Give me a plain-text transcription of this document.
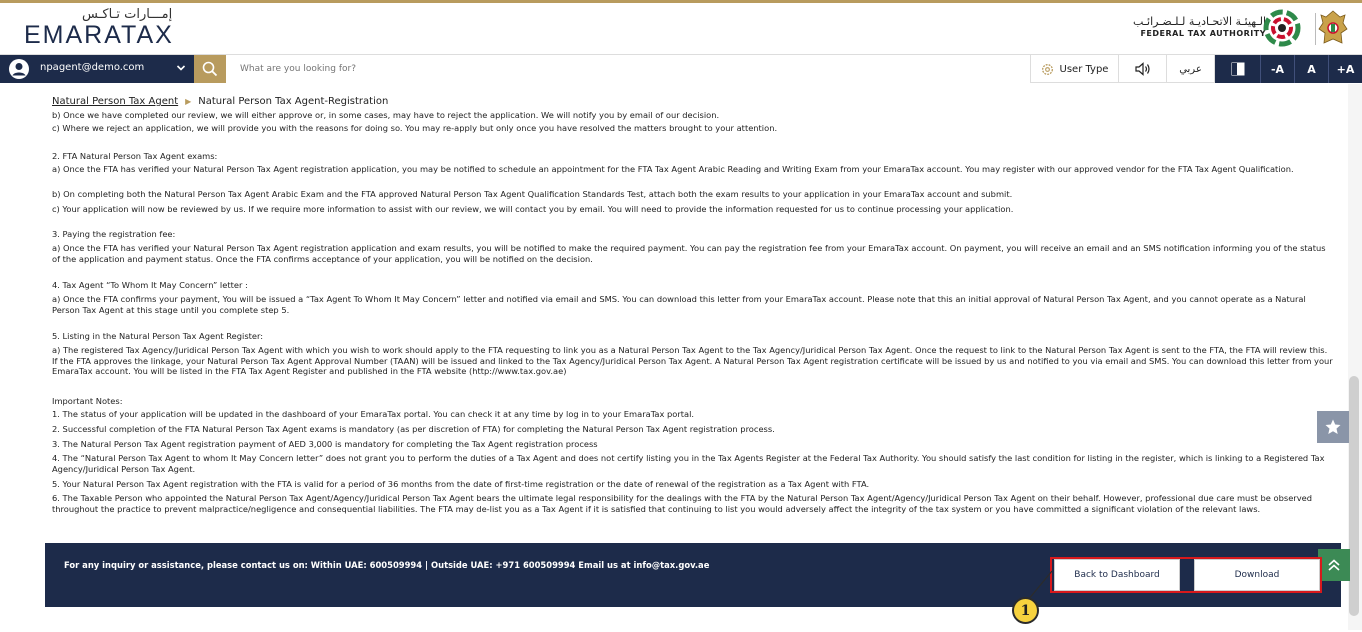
إمـــارات تـاكـس
EMARATAX	الـهيئـة الاتحـاديـة لـلـضـرائـب
FEDERAL TAX AUTHORITY
npagent@demo.com
What are you looking for?	User Type	عربي	-A	A	+A
Natural Person Tax Agent ▶ Natural Person Tax Agent-Registration

b) Once we have completed our review, we will either approve or, in some cases, may have to reject the application. We will notify you by email of our decision.

c) Where we reject an application, we will provide you with the reasons for doing so. You may re-apply but only once you have resolved the matters brought to your attention.

2. FTA Natural Person Tax Agent exams:

a) Once the FTA has verified your Natural Person Tax Agent registration application, you may be notified to schedule an appointment for the FTA Tax Agent Arabic Reading and Writing Exam from your EmaraTax account. You may register with our approved vendor for the FTA Tax Agent Qualification.

b) On completing both the Natural Person Tax Agent Arabic Exam and the FTA approved Natural Person Tax Agent Qualification Standards Test, attach both the exam results to your application in your EmaraTax account and submit.

c) Your application will now be reviewed by us. If we require more information to assist with our review, we will contact you by email. You will need to provide the information requested for us to continue processing your application.

3. Paying the registration fee:

a) Once the FTA has verified your Natural Person Tax Agent registration application and exam results, you will be notified to make the required payment. You can pay the registration fee from your EmaraTax account. On payment, you will receive an email and an SMS notification informing you of the status of the application and payment status. Once the FTA confirms acceptance of your application, you will be notified on the decision.

4. Tax Agent “To Whom It May Concern” letter :

a) Once the FTA confirms your payment, You will be issued a “Tax Agent To Whom It May Concern” letter and notified via email and SMS. You can download this letter from your EmaraTax account. Please note that this an initial approval of Natural Person Tax Agent, and you cannot operate as a Natural Person Tax Agent at this stage until you complete step 5.

5. Listing in the Natural Person Tax Agent Register:

a) The registered Tax Agency/Juridical Person Tax Agent with which you wish to work should apply to the FTA requesting to link you as a Natural Person Tax Agent to the Tax Agency/Juridical Person Tax Agent. Once the request to link to the Natural Person Tax Agent is sent to the FTA, the FTA will review this. If the FTA approves the linkage, your Natural Person Tax Agent Approval Number (TAAN) will be issued and linked to the Tax Agency/Juridical Person Tax Agent. A Natural Person Tax Agent registration certificate will be issued by us and notified to you via email and SMS. You can download this letter from your EmaraTax account. You will be listed in the FTA Tax Agent Register and published in the FTA website (http://www.tax.gov.ae)

Important Notes:

1. The status of your application will be updated in the dashboard of your EmaraTax portal. You can check it at any time by log in to your EmaraTax portal.

2. Successful completion of the FTA Natural Person Tax Agent exams is mandatory (as per discretion of FTA) for completing the Natural Person Tax Agent registration process.

3. The Natural Person Tax Agent registration payment of AED 3,000 is mandatory for completing the Tax Agent registration process

4. The “Natural Person Tax Agent to whom It May Concern letter” does not grant you to perform the duties of a Tax Agent and does not certify listing you in the Tax Agents Register at the Federal Tax Authority. You should satisfy the last condition for listing in the register, which is linking to a Registered Tax Agency/Juridical Person Tax Agent.

5. Your Natural Person Tax Agent registration with the FTA is valid for a period of 36 months from the date of first-time registration or the date of renewal of the registration as a Tax Agent with FTA.

6. The Taxable Person who appointed the Natural Person Tax Agent/Agency/Juridical Person Tax Agent bears the ultimate legal responsibility for the dealings with the FTA by the Natural Person Tax Agent/Agency/Juridical Person Tax Agent on their behalf. However, professional due care must be observed throughout the practice to prevent malpractice/negligence and consequential liabilities. The FTA may de-list you as a Tax Agent if it is satisfied that continuing to list you would adversely affect the integrity of the tax system or you have committed a significant violation of the relevant laws.

For any inquiry or assistance, please contact us on: Within UAE: 600509994 | Outside UAE: +971 600509994 Email us at info@tax.gov.ae
Back to Dashboard	Download
1
